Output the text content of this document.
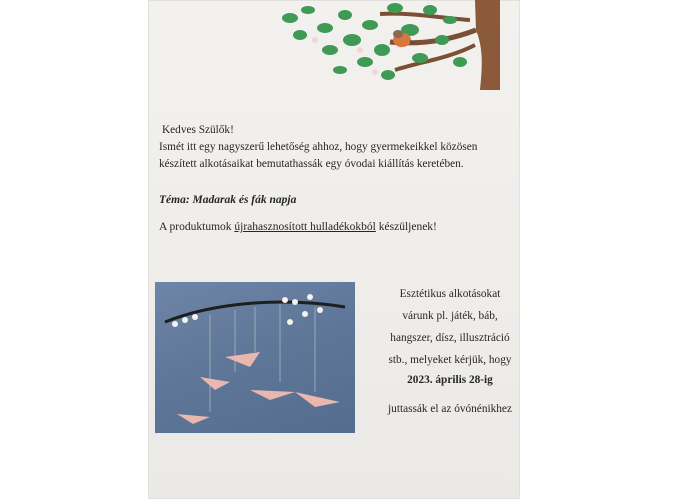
Kedves Szülők!
Ismét itt egy nagyszerű lehetőség ahhoz, hogy gyermekeikkel közösen
készített alkotásaikat bemutathassák egy óvodai kiállítás keretében.
Téma: Madarak és fák napja
A produktumok újrahasznosított hulladékokból készüljenek!
Esztétikus alkotásokat
várunk pl. játék, báb,
hangszer, dísz, illusztráció
stb., melyeket kérjük, hogy
2023. április 28-ig
juttassák el az óvónénikhez
